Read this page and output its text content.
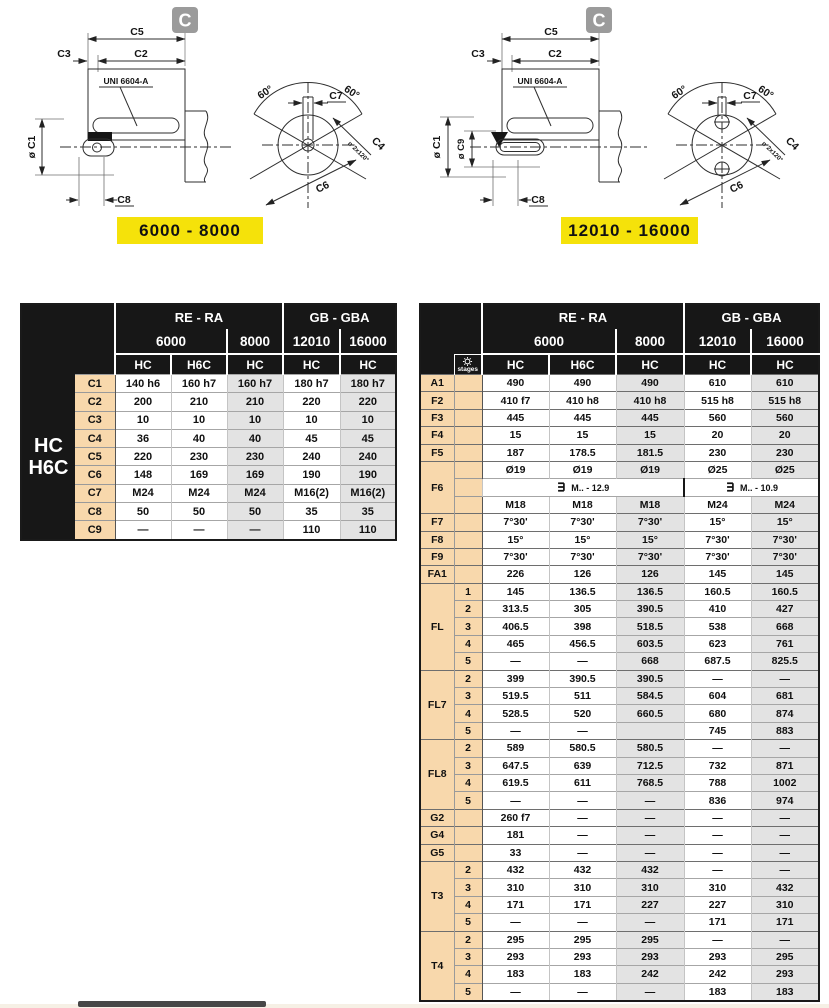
C
C5
C2
C3
UNI 6604-A
ø C1
C8
60°	60°
C7
C4
n°2x120°
C6
C
C5
C2
C3
UNI 6604-A
ø C1 ø C9
C8
60°	60°
C7
C4
n°2x120°
C6
6000 - 8000	12010 - 16000
		RE - RA			GB - GBA	
		6000		8000	12010	16000
		HC	H6C	HC	HC	HC

HC
H6C	C1	140 h6	160 h7	160 h7	180 h7	180 h7
	C2	200	210	210	220	220
	C3	10	10	10	10	10
	C4	36	40	40	45	45
	C5	220	230	230	240	240
	C6	148	169	169	190	190
	C7	M24	M24	M24	M16(2)	M16(2)
	C8	50	50	50	35	35
	C9	—	—	—	110	110
		RE - RA			GB - GBA	
		6000		8000	12010	16000

	stages	HC	H6C	HC	HC	HC
A1		490	490	490	610	610
F2		410 f7	410 h8	410 h8	515 h8	515 h8
F3		445	445	445	560	560
F4		15	15	15	20	20
F5		187	178.5	181.5	230	230
F6		Ø19	Ø19	Ø19	Ø25	Ø25
		M.. - 12.9			M.. - 10.9	
		M18	M18	M18	M24	M24
F7		7°30'	7°30'	7°30'	15°	15°
F8		15°	15°	15°	7°30'	7°30'
F9		7°30'	7°30'	7°30'	7°30'	7°30'
FA1		226	126	126	145	145
FL	1	145	136.5	136.5	160.5	160.5
	2	313.5	305	390.5	410	427
	3	406.5	398	518.5	538	668
	4	465	456.5	603.5	623	761
	5	—	—	668	687.5	825.5
FL7	2	399	390.5	390.5	—	—
	3	519.5	511	584.5	604	681
	4	528.5	520	660.5	680	874
	5	—	—		745	883
FL8	2	589	580.5	580.5	—	—
	3	647.5	639	712.5	732	871
	4	619.5	611	768.5	788	1002
	5	—	—	—	836	974
G2		260 f7	—	—	—	—
G4		181	—	—	—	—
G5		33	—	—	—	—
T3	2	432	432	432	—	—
	3	310	310	310	310	432
	4	171	171	227	227	310
	5	—	—	—	171	171
T4	2	295	295	295	—	—
	3	293	293	293	293	295
	4	183	183	242	242	293
	5	—	—	—	183	183
